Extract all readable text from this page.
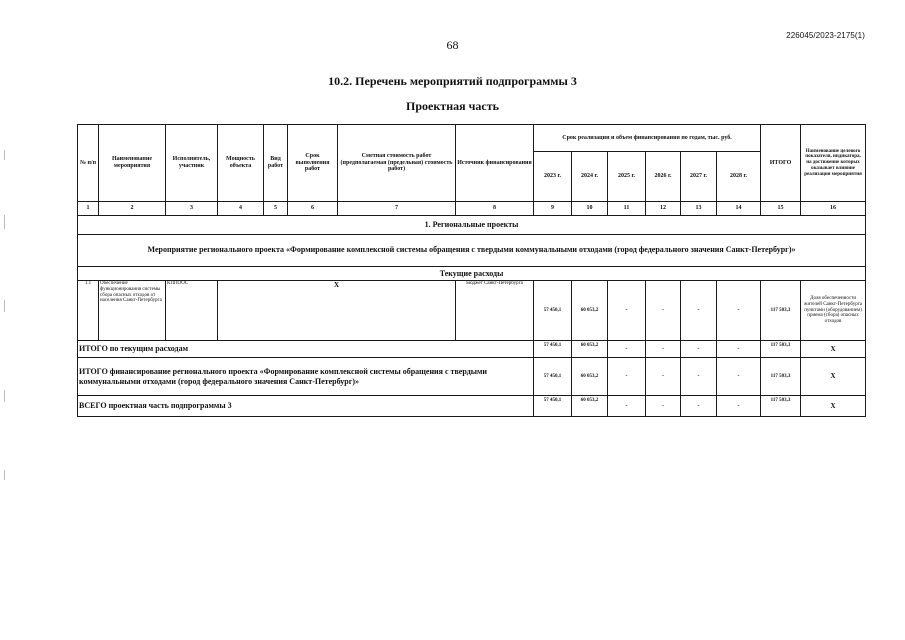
226045/2023-2175(1)
68
10.2. Перечень мероприятий подпрограммы 3
Проектная часть
№ п/п	Наименование мероприятия	Исполнитель, участник	Мощность объекта	Вид работ	Срок выполнения работ	Сметная стоимость работ (предполагаемая (предельная) стоимость работ)	Источник финансирования	Срок реализации и объем финансирования по годам, тыс. руб.						ИТОГО	Наименование целевого показателя, индикатора, на достижение которых оказывает влияние реализация мероприятия
								2023 г.	2024 г.	2025 г.	2026 г.	2027 г.	2028 г.		
1	2	3	4	5	6	7	8	9	10	11	12	13	14	15	16
1. Региональные проекты															
Мероприятие регионального проекта «Формирование комплексной системы обращения с твердыми коммунальными отходами (город федерального значения Санкт-Петербург)»															
Текущие расходы															
1.1	Обеспечение функционирования системы сбора опасных отходов от населения Санкт-Петербурга	КППООС	Х				Бюджет Санкт-Петербурга	57 450,1	60 053,2	-	-	-	-	117 503,3	Доля обеспеченности жителей Санкт-Петербурга пунктами (оборудованием) приема (сбора) опасных отходов
ИТОГО по текущим расходам								57 450,1	60 053,2	-	-	-	-	117 503,3	Х
ИТОГО финансирование регионального проекта «Формирование комплексной системы обращения с твердыми коммунальными отходами (город федерального значения Санкт-Петербург)»								57 450,1	60 053,2	-	-	-	-	117 503,3	Х
ВСЕГО проектная часть подпрограммы 3								57 450,1	60 053,2	-	-	-	-	117 503,3	Х
